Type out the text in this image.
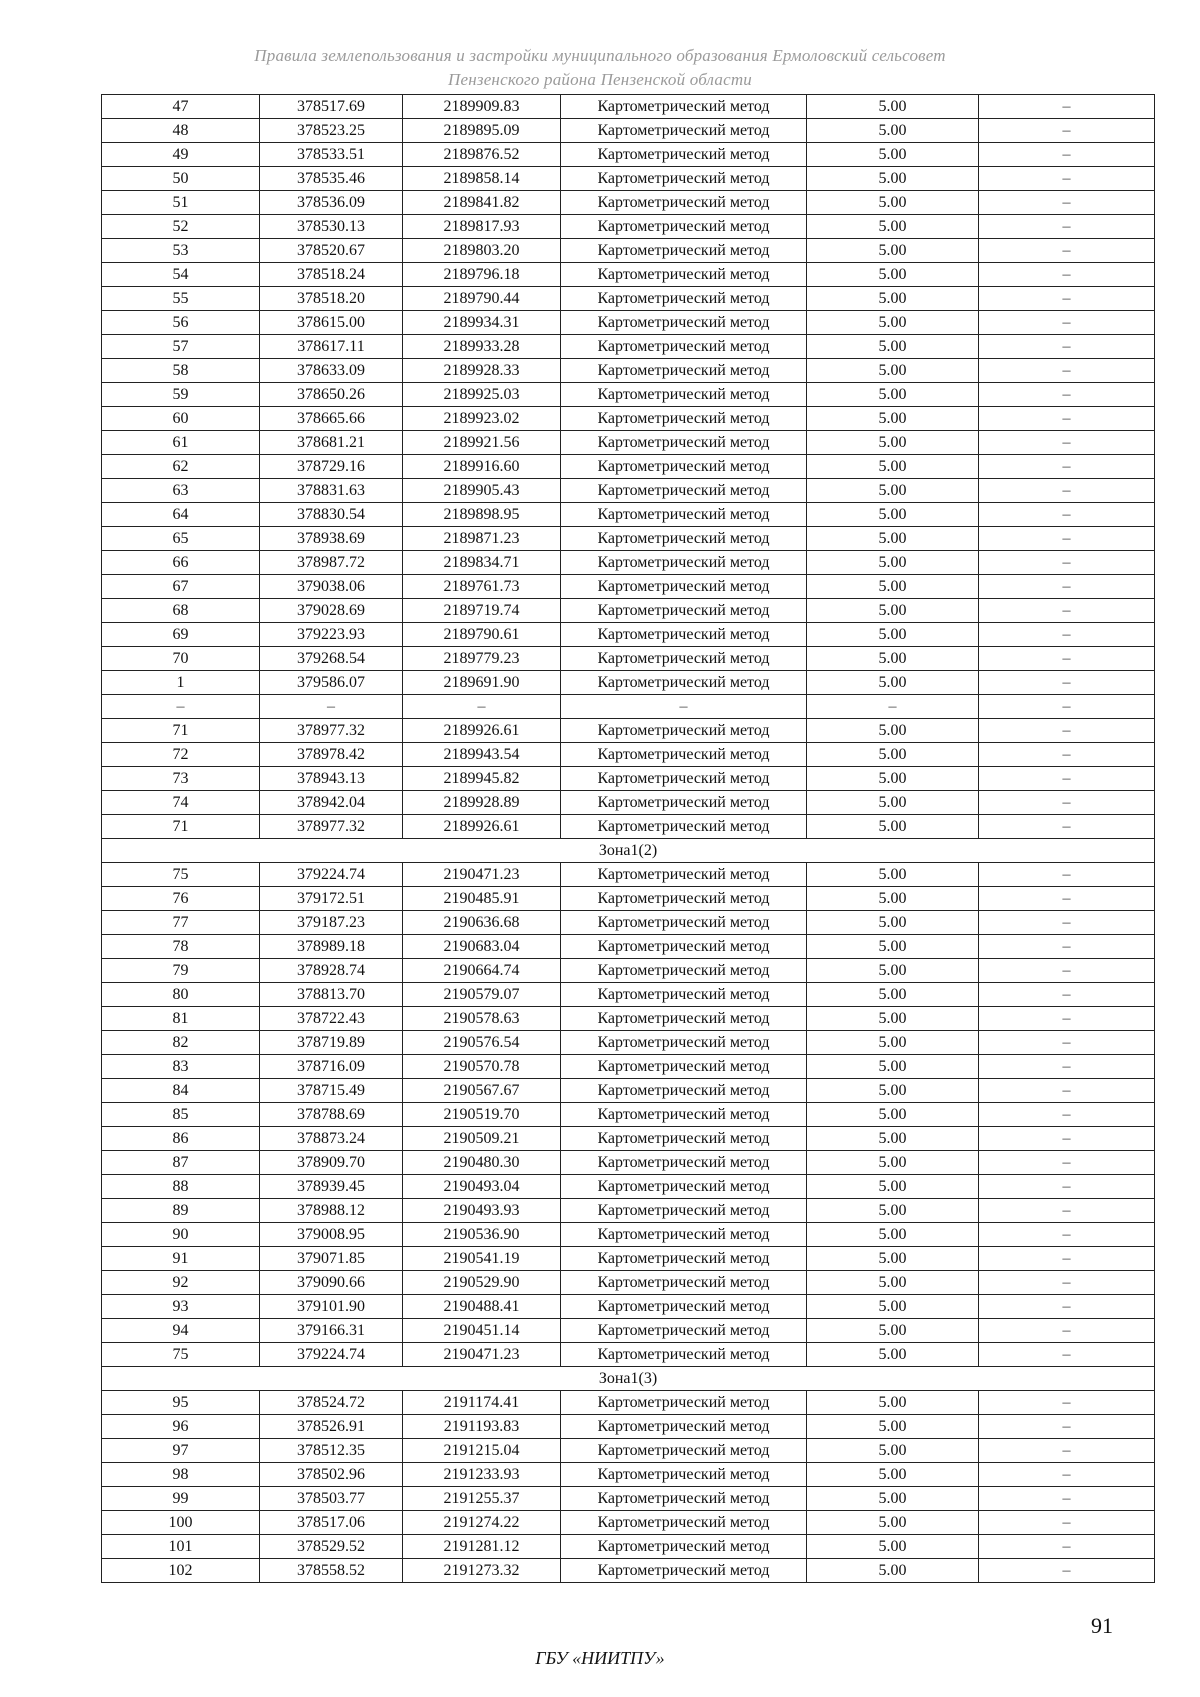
Правила землепользования и застройки муниципального образования Ермоловский сельсовет
Пензенского района Пензенской области
47	378517.69	2189909.83	Картометрический метод	5.00	–
48	378523.25	2189895.09	Картометрический метод	5.00	–
49	378533.51	2189876.52	Картометрический метод	5.00	–
50	378535.46	2189858.14	Картометрический метод	5.00	–
51	378536.09	2189841.82	Картометрический метод	5.00	–
52	378530.13	2189817.93	Картометрический метод	5.00	–
53	378520.67	2189803.20	Картометрический метод	5.00	–
54	378518.24	2189796.18	Картометрический метод	5.00	–
55	378518.20	2189790.44	Картометрический метод	5.00	–
56	378615.00	2189934.31	Картометрический метод	5.00	–
57	378617.11	2189933.28	Картометрический метод	5.00	–
58	378633.09	2189928.33	Картометрический метод	5.00	–
59	378650.26	2189925.03	Картометрический метод	5.00	–
60	378665.66	2189923.02	Картометрический метод	5.00	–
61	378681.21	2189921.56	Картометрический метод	5.00	–
62	378729.16	2189916.60	Картометрический метод	5.00	–
63	378831.63	2189905.43	Картометрический метод	5.00	–
64	378830.54	2189898.95	Картометрический метод	5.00	–
65	378938.69	2189871.23	Картометрический метод	5.00	–
66	378987.72	2189834.71	Картометрический метод	5.00	–
67	379038.06	2189761.73	Картометрический метод	5.00	–
68	379028.69	2189719.74	Картометрический метод	5.00	–
69	379223.93	2189790.61	Картометрический метод	5.00	–
70	379268.54	2189779.23	Картометрический метод	5.00	–
1	379586.07	2189691.90	Картометрический метод	5.00	–
–	–	–	–	–	–
71	378977.32	2189926.61	Картометрический метод	5.00	–
72	378978.42	2189943.54	Картометрический метод	5.00	–
73	378943.13	2189945.82	Картометрический метод	5.00	–
74	378942.04	2189928.89	Картометрический метод	5.00	–
71	378977.32	2189926.61	Картометрический метод	5.00	–
Зона1(2)					
75	379224.74	2190471.23	Картометрический метод	5.00	–
76	379172.51	2190485.91	Картометрический метод	5.00	–
77	379187.23	2190636.68	Картометрический метод	5.00	–
78	378989.18	2190683.04	Картометрический метод	5.00	–
79	378928.74	2190664.74	Картометрический метод	5.00	–
80	378813.70	2190579.07	Картометрический метод	5.00	–
81	378722.43	2190578.63	Картометрический метод	5.00	–
82	378719.89	2190576.54	Картометрический метод	5.00	–
83	378716.09	2190570.78	Картометрический метод	5.00	–
84	378715.49	2190567.67	Картометрический метод	5.00	–
85	378788.69	2190519.70	Картометрический метод	5.00	–
86	378873.24	2190509.21	Картометрический метод	5.00	–
87	378909.70	2190480.30	Картометрический метод	5.00	–
88	378939.45	2190493.04	Картометрический метод	5.00	–
89	378988.12	2190493.93	Картометрический метод	5.00	–
90	379008.95	2190536.90	Картометрический метод	5.00	–
91	379071.85	2190541.19	Картометрический метод	5.00	–
92	379090.66	2190529.90	Картометрический метод	5.00	–
93	379101.90	2190488.41	Картометрический метод	5.00	–
94	379166.31	2190451.14	Картометрический метод	5.00	–
75	379224.74	2190471.23	Картометрический метод	5.00	–
Зона1(3)					
95	378524.72	2191174.41	Картометрический метод	5.00	–
96	378526.91	2191193.83	Картометрический метод	5.00	–
97	378512.35	2191215.04	Картометрический метод	5.00	–
98	378502.96	2191233.93	Картометрический метод	5.00	–
99	378503.77	2191255.37	Картометрический метод	5.00	–
100	378517.06	2191274.22	Картометрический метод	5.00	–
101	378529.52	2191281.12	Картометрический метод	5.00	–
102	378558.52	2191273.32	Картометрический метод	5.00	–
91
ГБУ «НИИТПУ»
